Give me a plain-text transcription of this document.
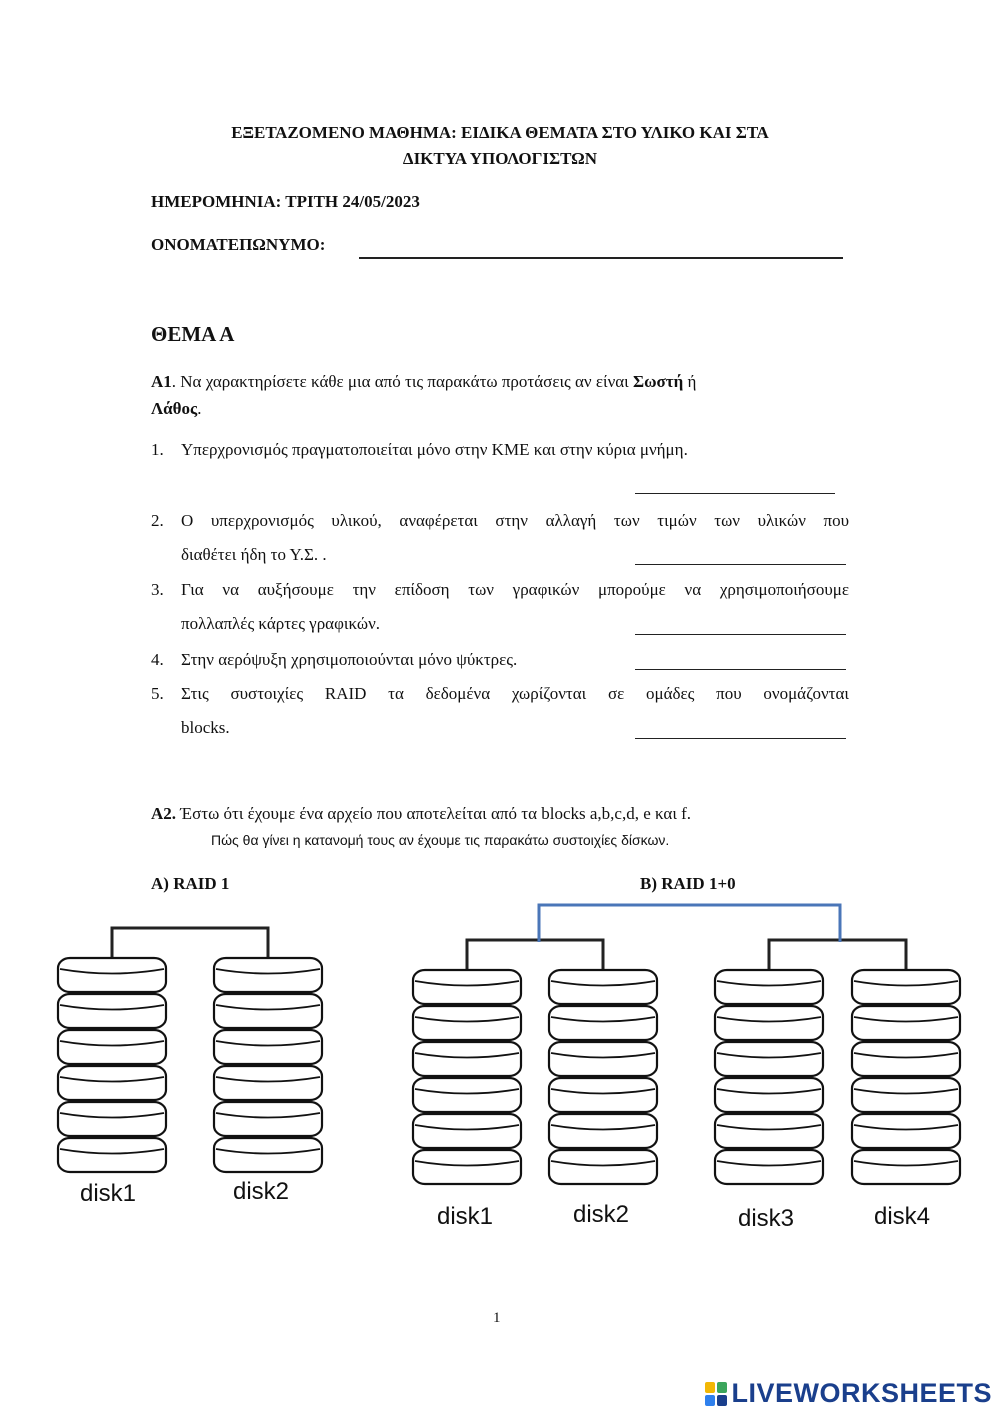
ΕΞΕΤΑΖΟΜΕΝΟ ΜΑΘΗΜΑ: ΕΙΔΙΚΑ ΘΕΜΑΤΑ ΣΤΟ ΥΛΙΚΟ ΚΑΙ ΣΤΑ
ΔΙΚΤΥΑ ΥΠΟΛΟΓΙΣΤΩΝ
ΗΜΕΡΟΜΗΝΙΑ: ΤΡΙΤΗ 24/05/2023
ΟΝΟΜΑΤΕΠΩΝΥΜΟ:
ΘΕΜΑ Α
Α1. Να χαρακτηρίσετε κάθε μια από τις παρακάτω προτάσεις αν είναι Σωστή ή
Λάθος.
1. Υπερχρονισμός πραγματοποιείται μόνο στην ΚΜΕ και στην κύρια μνήμη.
2. Ο υπερχρονισμός υλικού, αναφέρεται στην αλλαγή των τιμών των υλικών που
διαθέτει ήδη το Υ.Σ. .
3. Για να αυξήσουμε την επίδοση των γραφικών μπορούμε να χρησιμοποιήσουμε
πολλαπλές κάρτες γραφικών.
4. Στην αερόψυξη χρησιμοποιούνται μόνο ψύκτρες.
5. Στις συστοιχίες RAID τα δεδομένα χωρίζονται σε ομάδες που ονομάζονται
blocks.
Α2. Έστω ότι έχουμε ένα αρχείο που αποτελείται από τα blocks a,b,c,d, e και f.
Πώς θα γίνει η κατανομή τους αν έχουμε τις παρακάτω συστοιχίες δίσκων.
Α) RAID 1	Β) RAID 1+0
disk1	disk2
disk1	disk2	disk3	disk4
1
LIVEWORKSHEETS
